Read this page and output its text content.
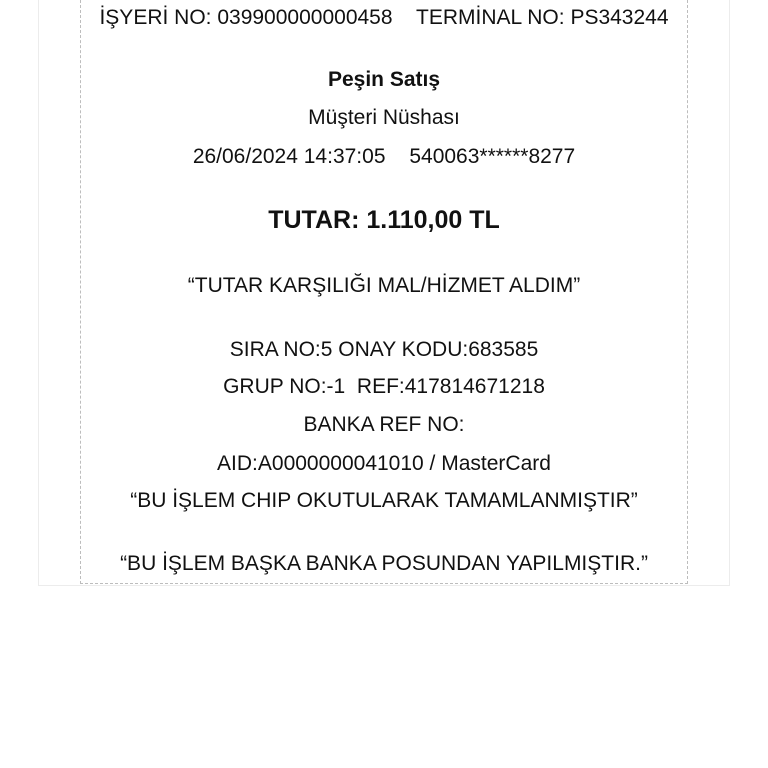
İŞYERİ NO: 039900000000458 TERMİNAL NO: PS343244
Peşin Satış
Müşteri Nüshası
26/06/2024 14:37:05 540063******8277
TUTAR: 1.110,00 TL
“TUTAR KARŞILIĞI MAL/HİZMET ALDIM”
SIRA NO:5 ONAY KODU:683585
GRUP NO:-1  REF:417814671218
BANKA REF NO:
AID:A0000000041010 / MasterCard
“BU İŞLEM CHIP OKUTULARAK TAMAMLANMIŞTIR”
“BU İŞLEM BAŞKA BANKA POSUNDAN YAPILMIŞTIR.”
